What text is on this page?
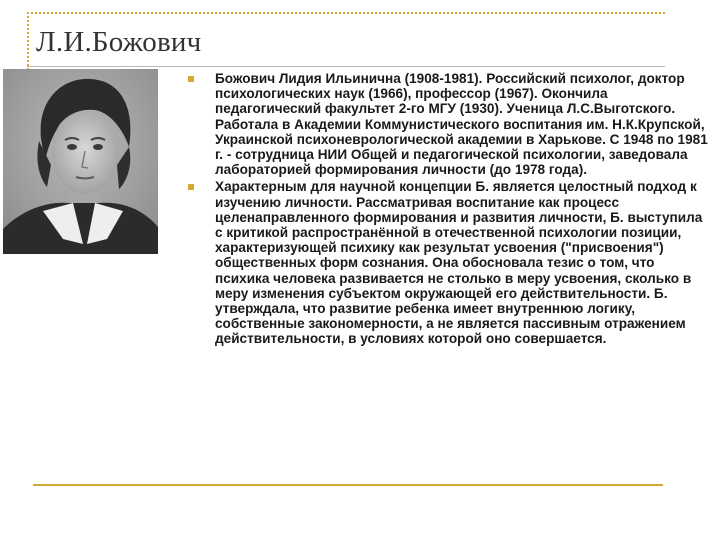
Л.И.Божович
Божович Лидия Ильинична (1908-1981). Российский психолог, доктор психологических наук (1966), профессор (1967). Окончила педагогический факультет 2-го МГУ (1930). Ученица Л.С.Выготского. Работала в Академии Коммунистического воспитания им. Н.К.Крупской, Украинской психоневрологической академии в Харькове. С 1948 по 1981 г. - сотрудница НИИ Общей и педагогической психологии, заведовала лабораторией формирования личности (до 1978 года).
Характерным для научной концепции Б. является целостный подход к изучению личности. Рассматривая воспитание как процесс целенаправленного формирования и развития личности, Б. выступила с критикой распространённой в отечественной психологии позиции, характеризующей психику как результат усвоения ("присвоения") общественных форм сознания. Она обосновала тезис о том, что психика человека развивается не столько в меру усвоения, сколько в меру изменения субъектом окружающей его действительности. Б. утверждала, что развитие ребенка имеет внутреннюю логику, собственные закономерности, а не является пассивным отражением действительности, в условиях которой оно совершается.
